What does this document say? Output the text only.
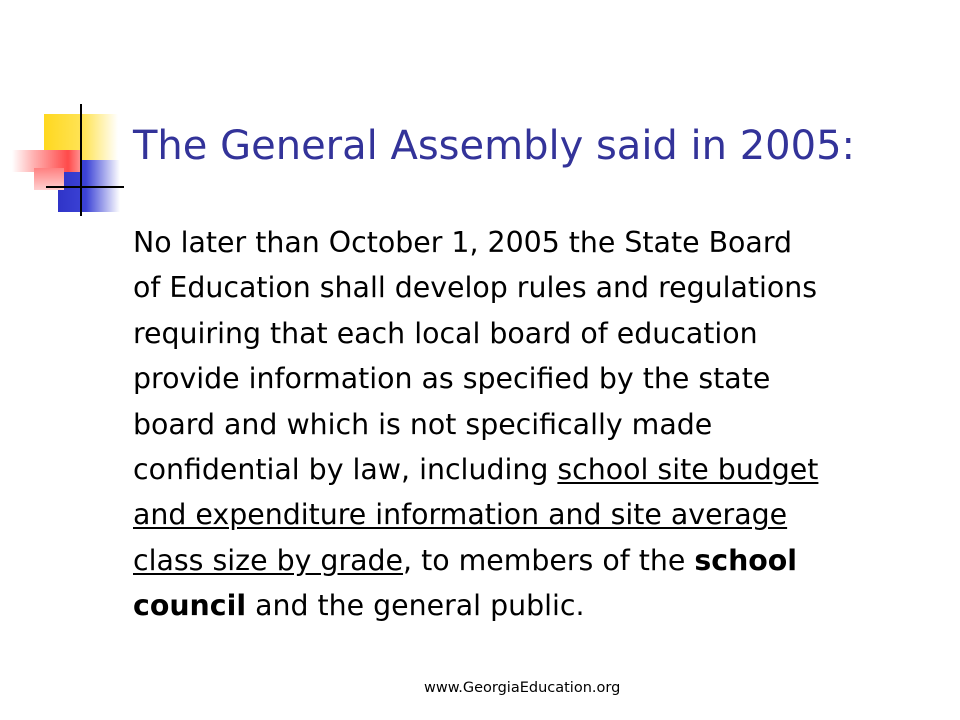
The General Assembly said in 2005:

No later than October 1, 2005 the State Board
of Education shall develop rules and regulations
requiring that each local board of education
provide information as specified by the state
board and which is not specifically made
confidential by law, including school site budget
and expenditure information and site average
class size by grade, to members of the school
council and the general public.

www.GeorgiaEducation.org
